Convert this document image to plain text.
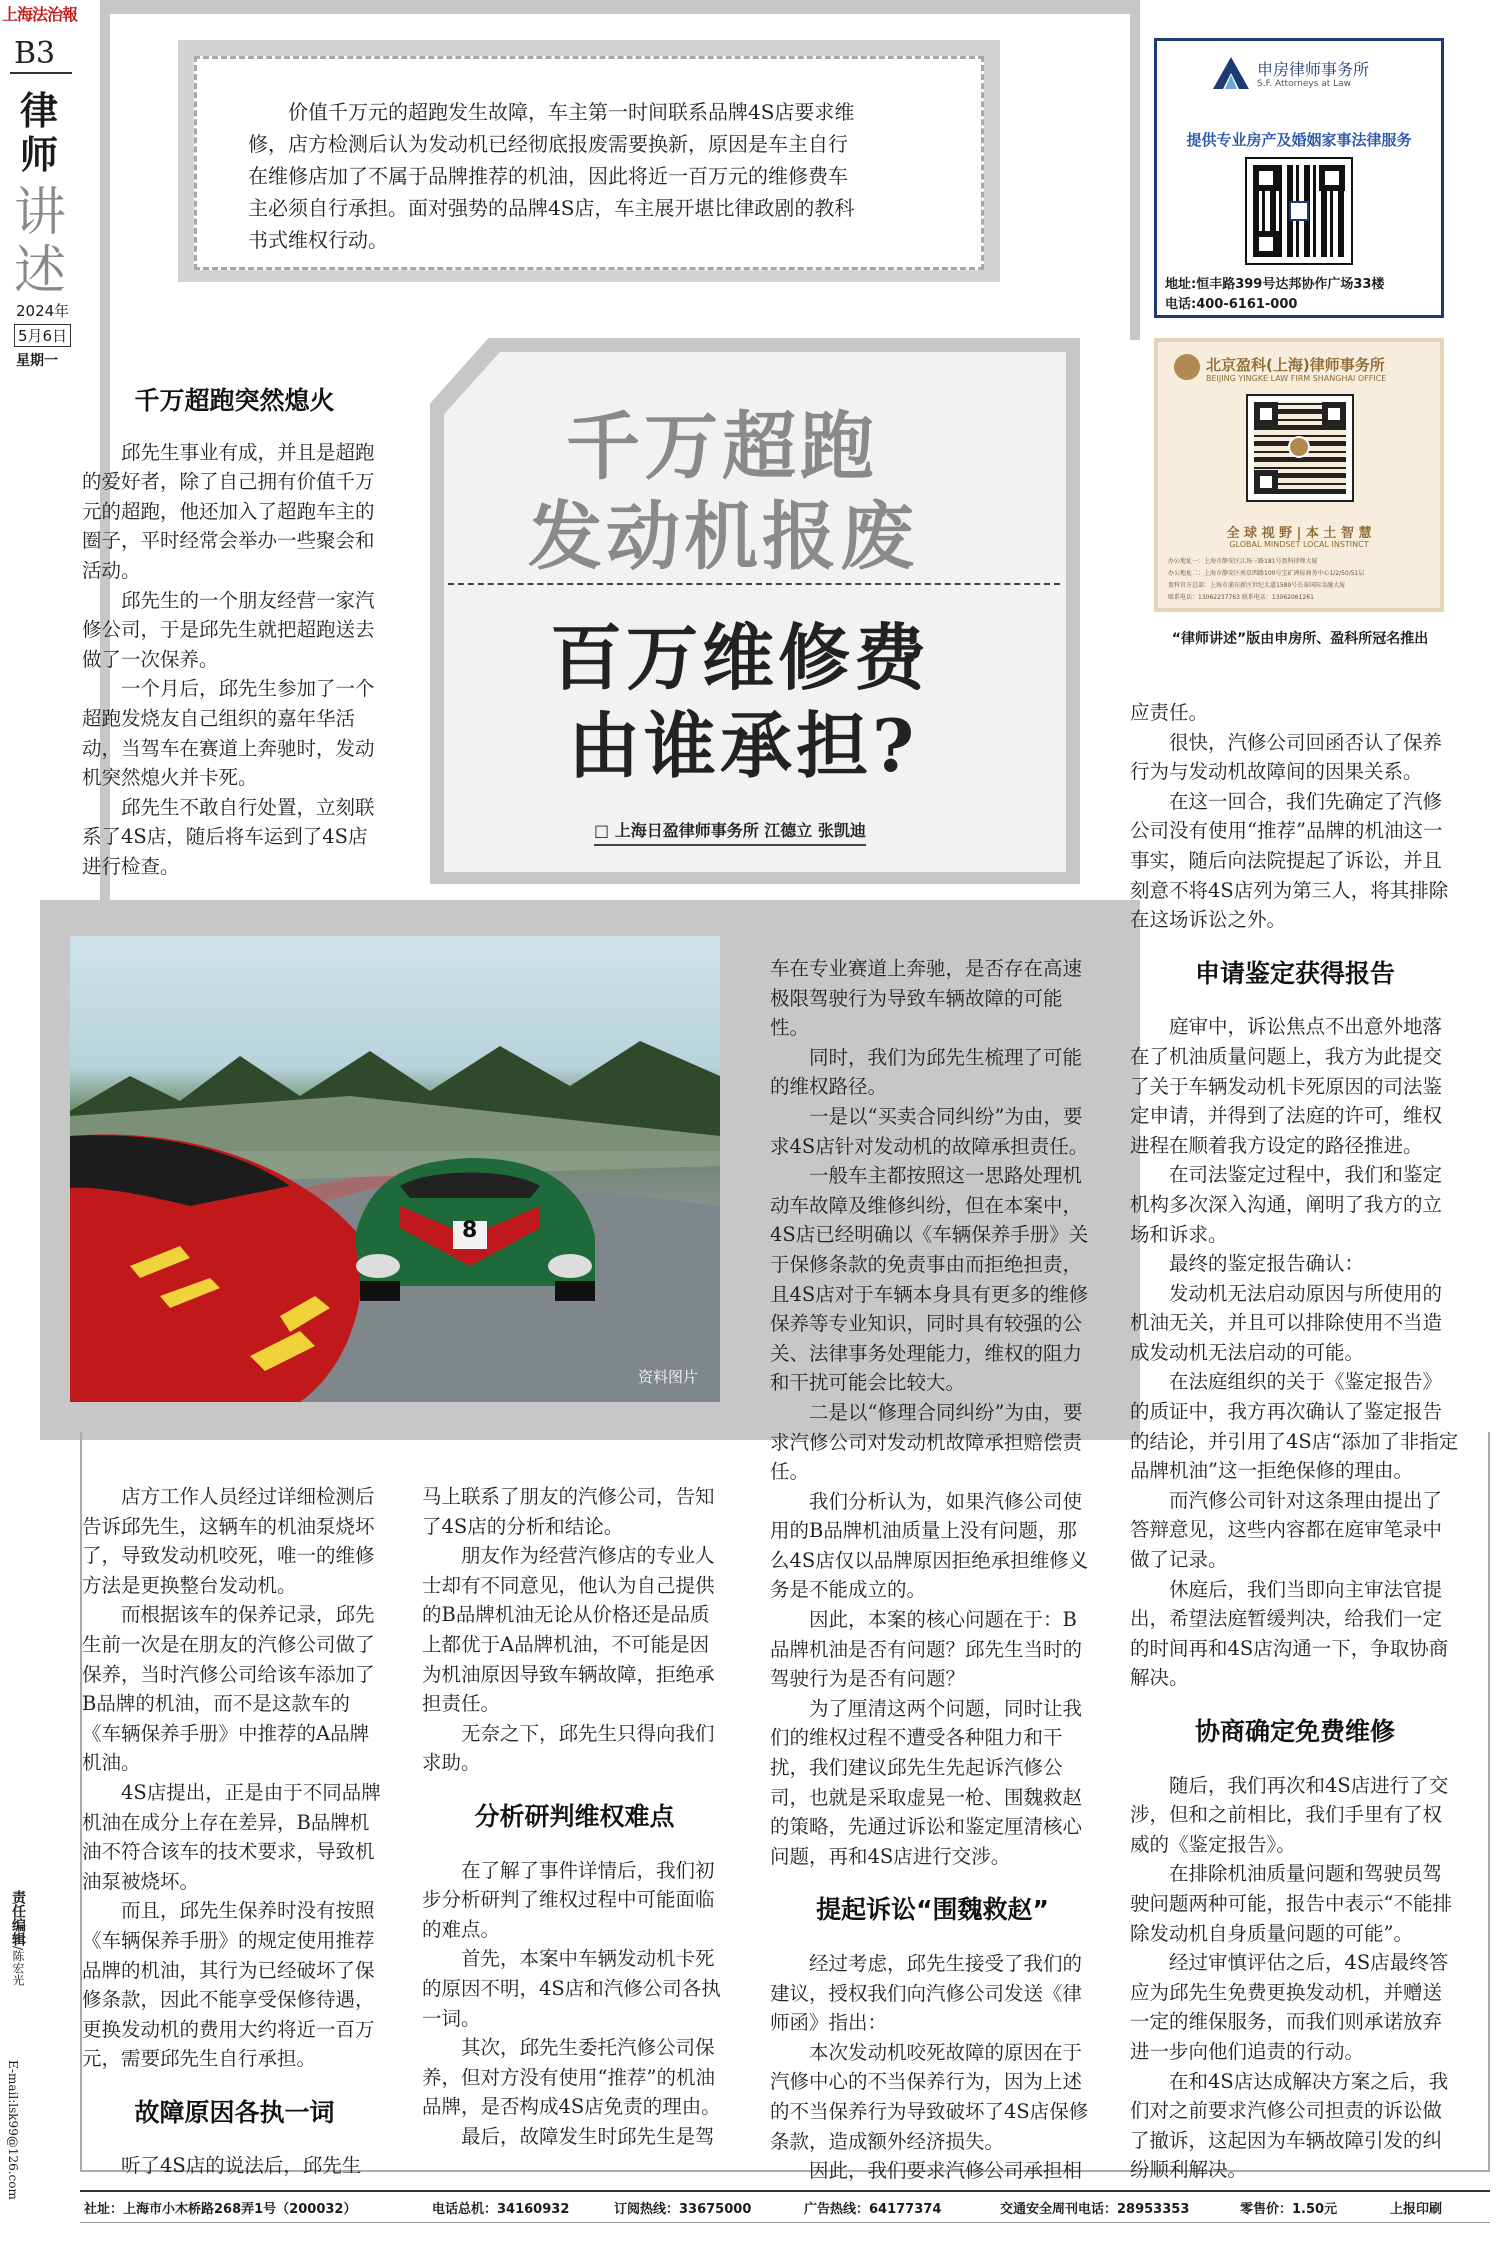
上海法治報
B3
律
师
讲
述
2024年
5月6日
星期一
价值千万元的超跑发生故障，车主第一时间联系品牌4S店要求维修，店方检测后认为发动机已经彻底报废需要换新，原因是车主自行在维修店加了不属于品牌推荐的机油，因此将近一百万元的维修费车主必须自行承担。面对强势的品牌4S店，车主展开堪比律政剧的教科书式维权行动。
千万超跑
发动机报废
百万维修费
由谁承担?
□ 上海日盈律师事务所 江德立 张凯迪
申房律师事务所
S.F. Attorneys at Law
提供专业房产及婚姻家事法律服务
地址:恒丰路399号达邦协作广场33楼
电话:400-6161-000
北京盈科(上海)律师事务所
BEIJING YINGKE LAW FIRM SHANGHAI OFFICE
全 球 视 野 | 本 土 智 慧
GLOBAL MINDSET LOCAL INSTINCT
办公地址一：上海市静安区江场三路181号盈科律师大厦
办公地址二：上海市静安区南京西路100号宝矿洲际商务中心1/2/50/51层
盈科官方总部：上海市浦东新区世纪大道1589号长泰国际金融大厦
联系电话：13062237763 联系电话：13062061261
“律师讲述”版由申房所、盈科所冠名推出
8
资料图片
千万超跑突然熄火

邱先生事业有成，并且是超跑的爱好者，除了自己拥有价值千万元的超跑，他还加入了超跑车主的圈子，平时经常会举办一些聚会和活动。

邱先生的一个朋友经营一家汽修公司，于是邱先生就把超跑送去做了一次保养。

一个月后，邱先生参加了一个超跑发烧友自己组织的嘉年华活动，当驾车在赛道上奔驰时，发动机突然熄火并卡死。

邱先生不敢自行处置，立刻联系了4S店，随后将车运到了4S店进行检查。

店方工作人员经过详细检测后告诉邱先生，这辆车的机油泵烧坏了，导致发动机咬死，唯一的维修方法是更换整台发动机。

而根据该车的保养记录，邱先生前一次是在朋友的汽修公司做了保养，当时汽修公司给该车添加了B品牌的机油，而不是这款车的《车辆保养手册》中推荐的A品牌机油。

4S店提出，正是由于不同品牌机油在成分上存在差异，B品牌机油不符合该车的技术要求，导致机油泵被烧坏。

而且，邱先生保养时没有按照《车辆保养手册》的规定使用推荐品牌的机油，其行为已经破坏了保修条款，因此不能享受保修待遇，更换发动机的费用大约将近一百万元，需要邱先生自行承担。

故障原因各执一词

听了4S店的说法后，邱先生

马上联系了朋友的汽修公司，告知了4S店的分析和结论。

朋友作为经营汽修店的专业人士却有不同意见，他认为自己提供的B品牌机油无论从价格还是品质上都优于A品牌机油，不可能是因为机油原因导致车辆故障，拒绝承担责任。

无奈之下，邱先生只得向我们求助。

分析研判维权难点

在了解了事件详情后，我们初步分析研判了维权过程中可能面临的难点。

首先，本案中车辆发动机卡死的原因不明，4S店和汽修公司各执一词。

其次，邱先生委托汽修公司保养，但对方没有使用“推荐”的机油品牌，是否构成4S店免责的理由。

最后，故障发生时邱先生是驾

车在专业赛道上奔驰，是否存在高速极限驾驶行为导致车辆故障的可能性。

同时，我们为邱先生梳理了可能的维权路径。

一是以“买卖合同纠纷”为由，要求4S店针对发动机的故障承担责任。

一般车主都按照这一思路处理机动车故障及维修纠纷，但在本案中，4S店已经明确以《车辆保养手册》关于保修条款的免责事由而拒绝担责，且4S店对于车辆本身具有更多的维修保养等专业知识，同时具有较强的公关、法律事务处理能力，维权的阻力和干扰可能会比较大。

二是以“修理合同纠纷”为由，要求汽修公司对发动机故障承担赔偿责任。

我们分析认为，如果汽修公司使用的B品牌机油质量上没有问题，那么4S店仅以品牌原因拒绝承担维修义务是不能成立的。

因此，本案的核心问题在于：B品牌机油是否有问题？邱先生当时的驾驶行为是否有问题？

为了厘清这两个问题，同时让我们的维权过程不遭受各种阻力和干扰，我们建议邱先生先起诉汽修公司，也就是采取虚晃一枪、围魏救赵的策略，先通过诉讼和鉴定厘清核心问题，再和4S店进行交涉。

提起诉讼“围魏救赵”

经过考虑，邱先生接受了我们的建议，授权我们向汽修公司发送《律师函》指出：

本次发动机咬死故障的原因在于汽修中心的不当保养行为，因为上述的不当保养行为导致破坏了4S店保修条款，造成额外经济损失。

因此，我们要求汽修公司承担相

应责任。

很快，汽修公司回函否认了保养行为与发动机故障间的因果关系。

在这一回合，我们先确定了汽修公司没有使用“推荐”品牌的机油这一事实，随后向法院提起了诉讼，并且刻意不将4S店列为第三人，将其排除在这场诉讼之外。

申请鉴定获得报告

庭审中，诉讼焦点不出意外地落在了机油质量问题上，我方为此提交了关于车辆发动机卡死原因的司法鉴定申请，并得到了法庭的许可，维权进程在顺着我方设定的路径推进。

在司法鉴定过程中，我们和鉴定机构多次深入沟通，阐明了我方的立场和诉求。

最终的鉴定报告确认：

发动机无法启动原因与所使用的机油无关，并且可以排除使用不当造成发动机无法启动的可能。

在法庭组织的关于《鉴定报告》的质证中，我方再次确认了鉴定报告的结论，并引用了4S店“添加了非指定品牌机油”这一拒绝保修的理由。

而汽修公司针对这条理由提出了答辩意见，这些内容都在庭审笔录中做了记录。

休庭后，我们当即向主审法官提出，希望法庭暂缓判决，给我们一定的时间再和4S店沟通一下，争取协商解决。

协商确定免费维修

随后，我们再次和4S店进行了交涉，但和之前相比，我们手里有了权威的《鉴定报告》。

在排除机油质量问题和驾驶员驾驶问题两种可能，报告中表示“不能排除发动机自身质量问题的可能”。

经过审慎评估之后，4S店最终答应为邱先生免费更换发动机，并赠送一定的维保服务，而我们则承诺放弃进一步向他们追责的行动。

在和4S店达成解决方案之后，我们对之前要求汽修公司担责的诉讼做了撤诉，这起因为车辆故障引发的纠纷顺利解决。

责任编辑/陈宏光
E-mail:lsk99@126.com
社址：上海市小木桥路268弄1号（200032）	电话总机：34160932	订阅热线：33675000	广告热线：64177374	交通安全周刊电话：28953353	零售价：1.50元	上报印刷
